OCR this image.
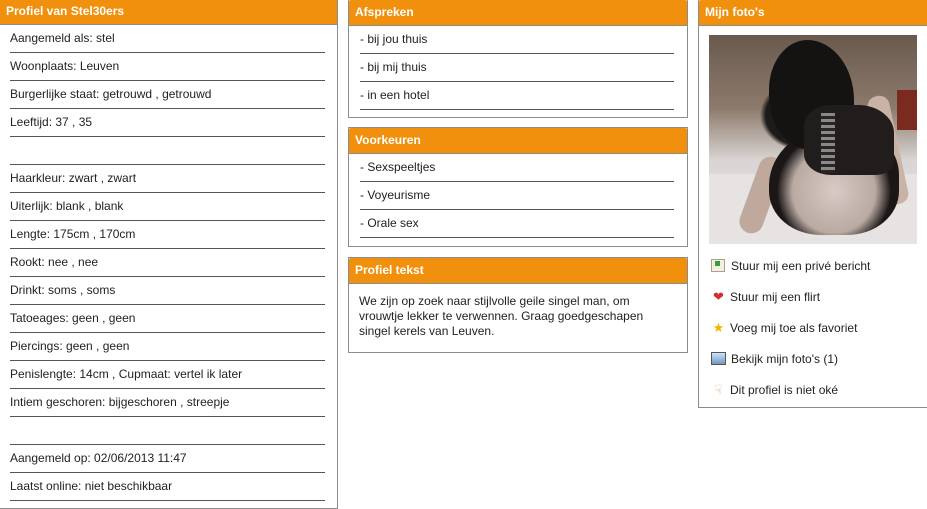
Profiel van Stel30ers
Aangemeld als: stel
Woonplaats: Leuven
Burgerlijke staat: getrouwd , getrouwd
Leeftijd: 37 , 35
Haarkleur: zwart , zwart
Uiterlijk: blank , blank
Lengte: 175cm , 170cm
Rookt: nee , nee
Drinkt: soms , soms
Tatoeages: geen , geen
Piercings: geen , geen
Penislengte: 14cm , Cupmaat: vertel ik later
Intiem geschoren: bijgeschoren , streepje
Aangemeld op: 02/06/2013 11:47
Laatst online: niet beschikbaar
Afspreken
- bij jou thuis
- bij mij thuis
- in een hotel
Voorkeuren
- Sexspeeltjes
- Voyeurisme
- Orale sex
Profiel tekst
We zijn op zoek naar stijlvolle geile singel man, om vrouwtje lekker te verwennen. Graag goedgeschapen singel kerels van Leuven.
Mijn foto's
Stuur mij een privé bericht
❤ Stuur mij een flirt
★ Voeg mij toe als favoriet
Bekijk mijn foto's (1)
☟ Dit profiel is niet oké
